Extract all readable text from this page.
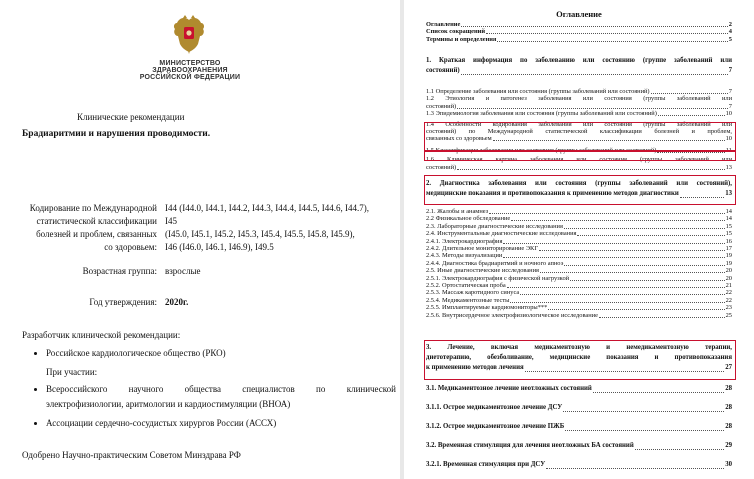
МИНИСТЕРСТВО
ЗДРАВООХРАНЕНИЯ
РОССИЙСКОЙ ФЕДЕРАЦИИ
Клинические рекомендации
Брадиаритмии и нарушения проводимости.
Кодирование по Международной
статистической классификации
болезней и проблем, связанных
со здоровьем:
I44 (I44.0, I44.1, I44.2, I44.3, I44.4, I44.5, I44.6, I44.7),
I45
(I45.0, I45.1, I45.2, I45.3, I45.4, I45.5, I45.8, I45.9),
I46 (I46.0, I46.1, I46.9), I49.5
Возрастная группа: взрослые
Год утверждения: 2020г.
Разработчик клинической рекомендации:
• Российское кардиологическое общество (РКО)
При участии:
• Всероссийского научного общества специалистов по клинической
электрофизиологии, аритмологии и кардиостимуляции (ВНОА)
• Ассоциации сердечно-сосудистых хирургов России (АССХ)
Одобрено Научно-практическим Советом Минздрава РФ
Оглавление
Оглавление	2
Список сокращений	4
Термины и определения	5
1. Краткая информация по заболеванию или состоянию (группе заболеваний или
состояний)	7
1.1 Определение заболевания или состояния (группы заболеваний или состояний)	7
1.2 Этиология и патогенез заболевания или состояния (группы заболеваний или
состояний)	7
1.3 Эпидемиология заболевания или состояния (группы заболеваний или состояний)	10
1.4 Особенности кодирования заболевания или состояния (группы заболеваний или
состояний) по Международной статистической классификации болезней и проблем,
связанных со здоровьем	10
1.5 Классификация заболевания или состояния (группы заболеваний или состояний)	11
1.6 Клиническая картина заболевания или состояния (группы заболеваний или
состояний)	13
2. Диагностика заболевания или состояния (группы заболеваний или состояний),
медицинские показания и противопоказания к применению методов диагностики	13
2.1. Жалобы и анамнез	14
2.2 Физикальное обследование	14
2.3. Лабораторные диагностические исследования	15
2.4. Инструментальные диагностические исследования	15
2.4.1. Электрокардиография	16
2.4.2. Длительное мониторирование ЭКГ	17
2.4.3. Методы визуализации	19
2.4.4. Диагностика брадиаритмий и ночного апноэ	19
2.5. Иные диагностические исследования	20
2.5.1. Электрокардиография с физической нагрузкой	20
2.5.2. Ортостатическая проба	21
2.5.3. Массаж каротидного синуса	22
2.5.4. Медикаментозные тесты	22
2.5.5. Имплантируемые кардиомониторы***	23
2.5.6. Внутрисердечное электрофизиологическое исследование	25
3. Лечение, включая медикаментозную и немедикаментозную терапии,
диетотерапию, обезболивание, медицинские показания и противопоказания
к применению методов лечения	27
3.1. Медикаментозное лечение неотложных состояний	28
3.1.1. Острое медикаментозное лечение ДСУ	28
3.1.2. Острое медикаментозное лечение ПЖБ	28
3.2. Временная стимуляция для лечения неотложных БА состояний	29
3.2.1. Временная стимуляция при ДСУ	30
